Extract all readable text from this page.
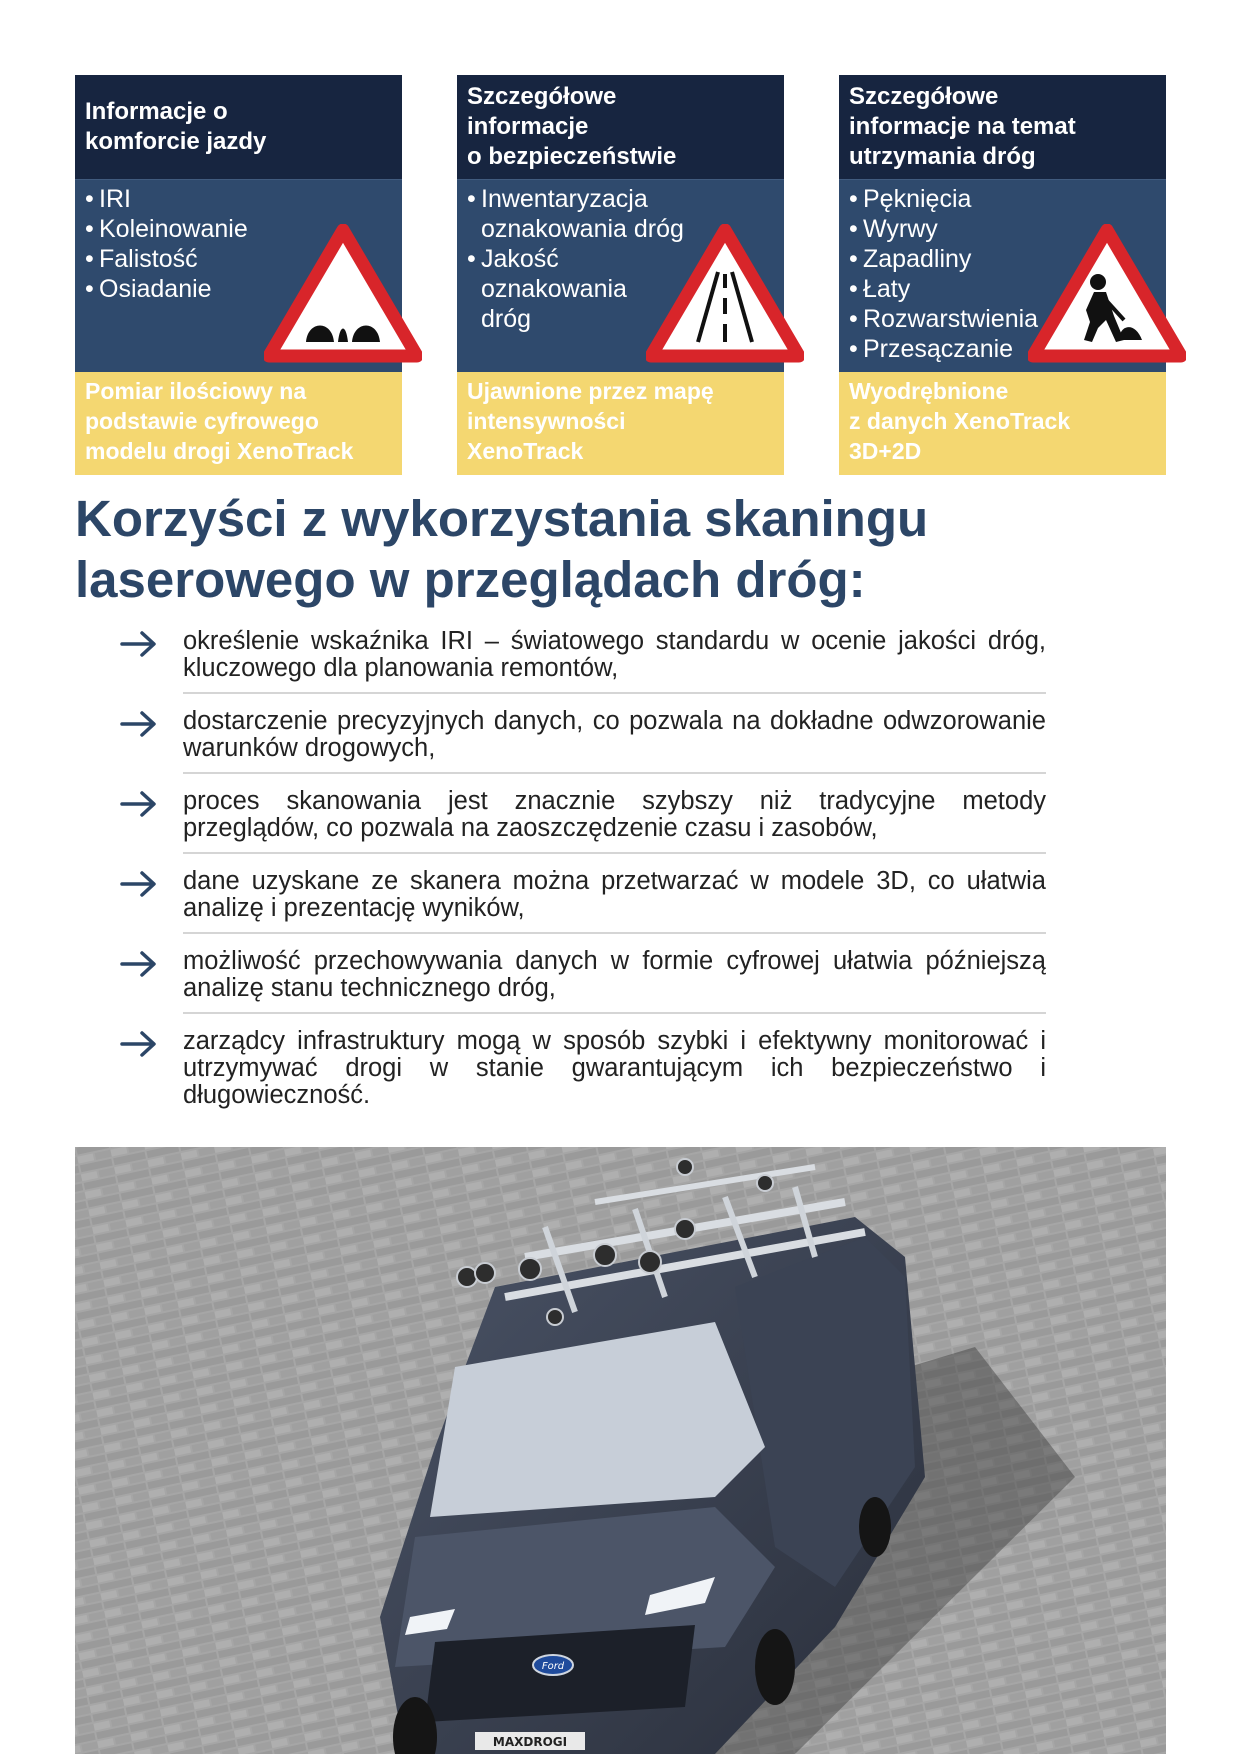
Informacje o
komforcie jazdy
• IRI
• Koleinowanie
• Falistość
• Osiadanie
Pomiar ilościowy na
podstawie cyfrowego
modelu drogi XenoTrack
Szczegółowe
informacje
o bezpieczeństwie
• Inwentaryzacja oznakowania dróg
• Jakość oznakowania dróg
Ujawnione przez mapę
intensywności
XenoTrack
Szczegółowe
informacje na temat
utrzymania dróg
• Pęknięcia
• Wyrwy
• Zapadliny
• Łaty
• Rozwarstwienia
• Przesączanie
Wyodrębnione
z danych XenoTrack
3D+2D
Korzyści z wykorzystania skaningu
laserowego w przeglądach dróg:
określenie wskaźnika IRI – światowego standardu w ocenie jakości dróg, kluczowego dla planowania remontów,
dostarczenie precyzyjnych danych, co pozwala na dokładne odwzorowanie warunków drogowych,
proces skanowania jest znacznie szybszy niż tradycyjne metody przeglądów, co pozwala na zaoszczędzenie czasu i zasobów,
dane uzyskane ze skanera można przetwarzać w modele 3D, co ułatwia analizę i prezentację wyników,
możliwość przechowywania danych w formie cyfrowej ułatwia późniejszą analizę stanu technicznego dróg,
zarządcy infrastruktury mogą w sposób szybki i efektywny monitorować i utrzymywać drogi w stanie gwarantującym ich bezpieczeństwo i długowieczność.
Ford
MAXDROGI
